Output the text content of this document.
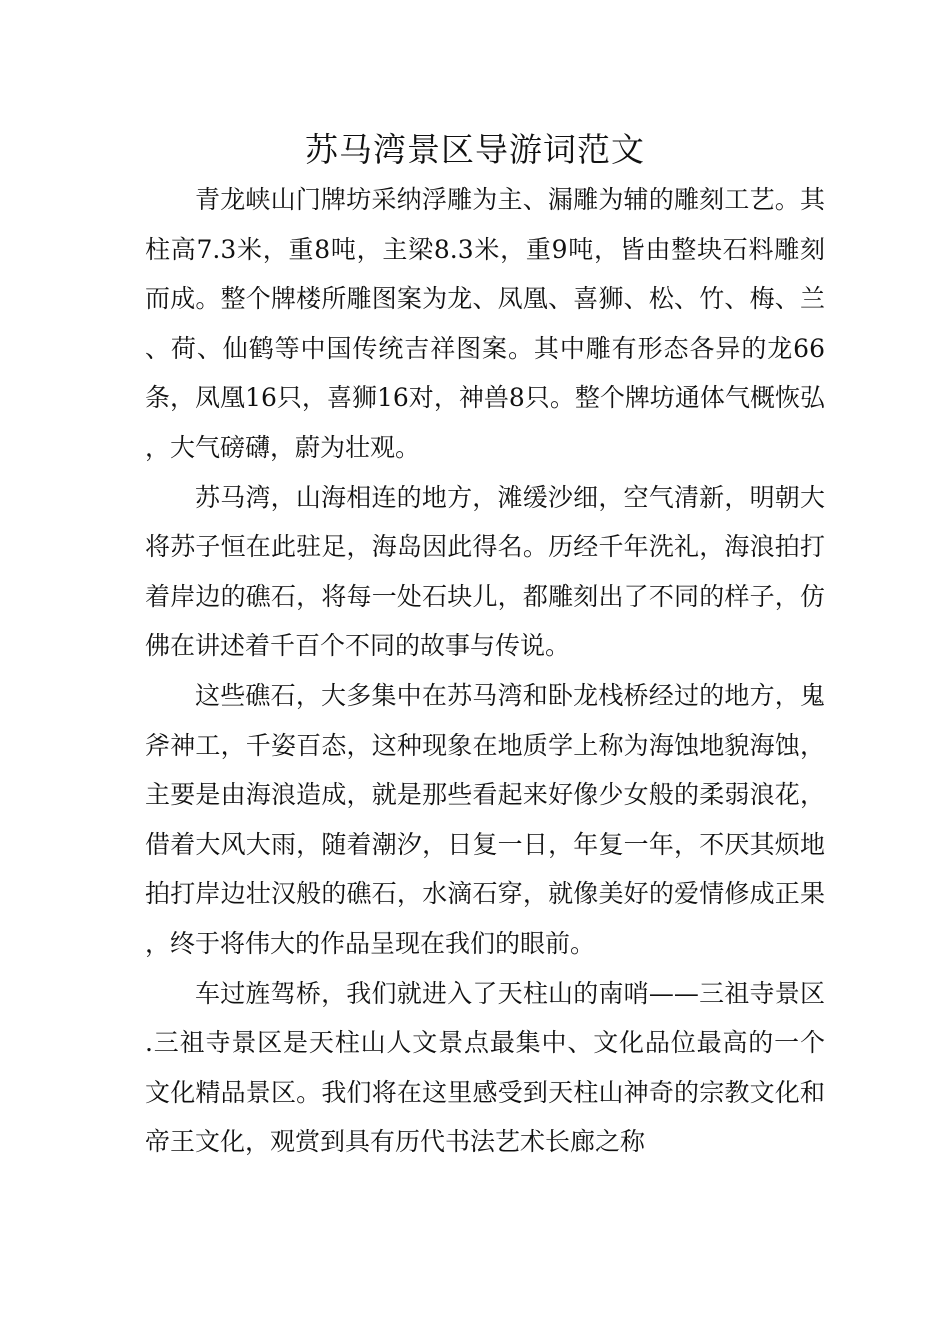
苏马湾景区导游词范文

青龙峡山门牌坊采纳浮雕为主、漏雕为辅的雕刻工艺。其柱高7.3米，重8吨，主梁8.3米，重9吨，皆由整块石料雕刻而成。整个牌楼所雕图案为龙、凤凰、喜狮、松、竹、梅、兰、荷、仙鹤等中国传统吉祥图案。其中雕有形态各异的龙66条，凤凰16只，喜狮16对，神兽8只。整个牌坊通体气概恢弘，大气磅礴，蔚为壮观。

苏马湾，山海相连的地方，滩缓沙细，空气清新，明朝大将苏子恒在此驻足，海岛因此得名。历经千年洗礼，海浪拍打着岸边的礁石，将每一处石块儿，都雕刻出了不同的样子，仿佛在讲述着千百个不同的故事与传说。

这些礁石，大多集中在苏马湾和卧龙栈桥经过的地方，鬼斧神工，千姿百态，这种现象在地质学上称为海蚀地貌海蚀，主要是由海浪造成，就是那些看起来好像少女般的柔弱浪花，借着大风大雨，随着潮汐，日复一日，年复一年，不厌其烦地拍打岸边壮汉般的礁石，水滴石穿，就像美好的爱情修成正果，终于将伟大的作品呈现在我们的眼前。

车过旌驾桥，我们就进入了天柱山的南哨——三祖寺景区.三祖寺景区是天柱山人文景点最集中、文化品位最高的一个文化精品景区。我们将在这里感受到天柱山神奇的宗教文化和帝王文化，观赏到具有历代书法艺术长廊之称
